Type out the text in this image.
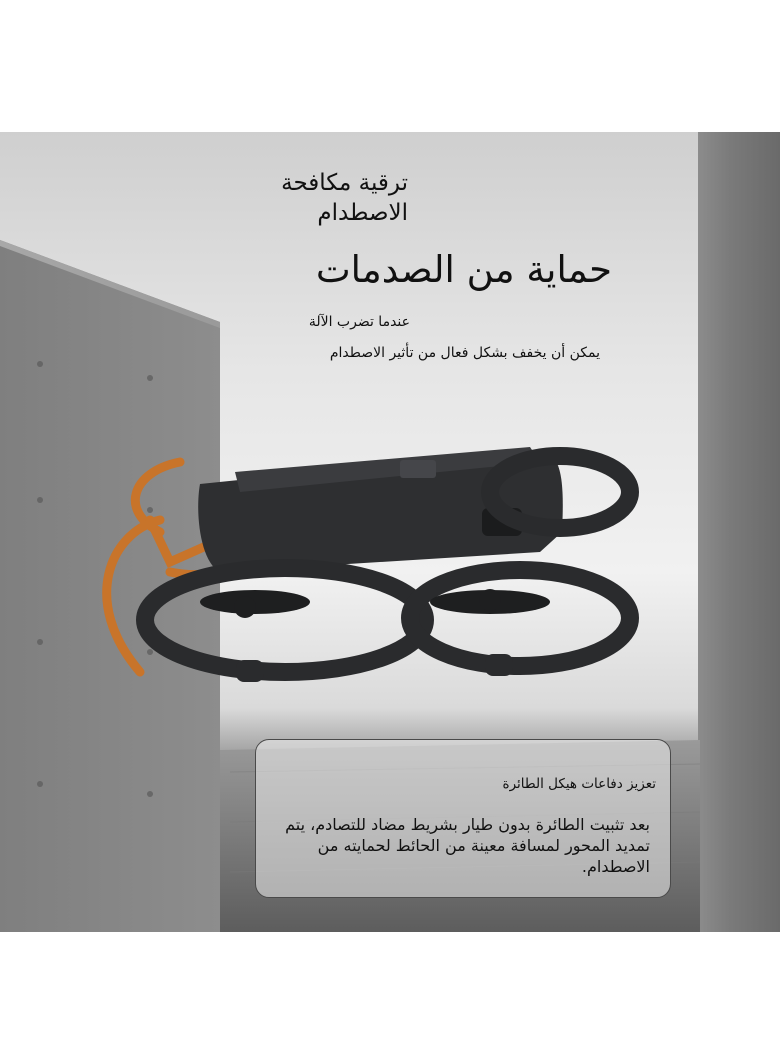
تعزيز دفاعات هيكل الطائرة
بعد تثبيت الطائرة بدون طيار بشريط مضاد للتصادم، يتم تمديد المحور لمسافة معينة من الحائط لحمايته من الاصطدام.
ترقية مكافحة الاصطدام
حماية من الصدمات
عندما تضرب الآلة
يمكن أن يخفف بشكل فعال من تأثير الاصطدام
